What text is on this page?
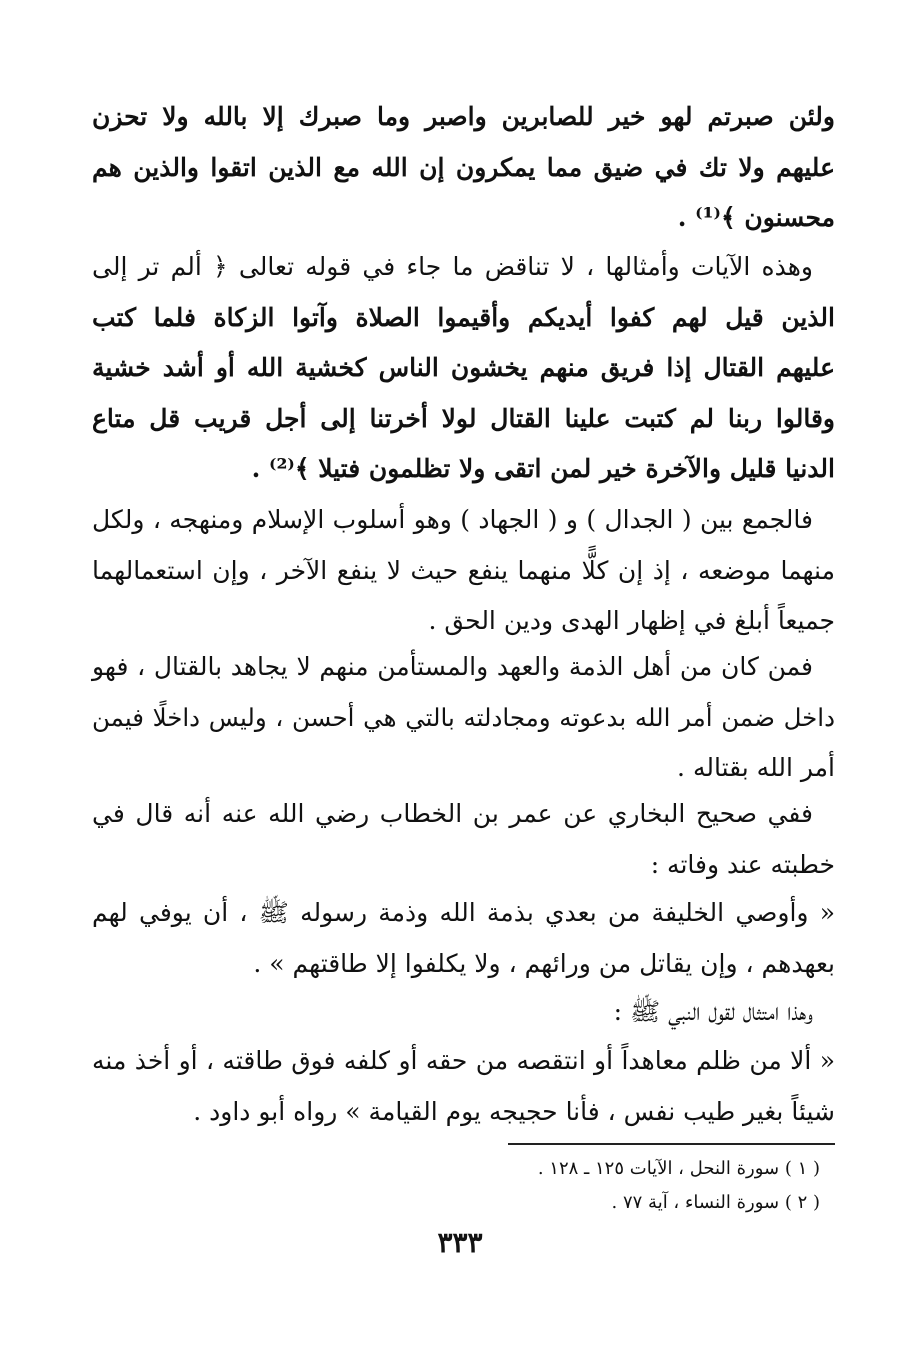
ولئن صبرتم لهو خير للصابرين واصبر وما صبرك إلا بالله ولا تحزن
عليهم ولا تك في ضيق مما يمكرون إن الله مع الذين اتقوا والذين هم
محسنون ﴾⁽¹⁾ .
وهذه الآيات وأمثالها ، لا تناقض ما جاء في قوله تعالى ﴿ ألم تر إلى
الذين قيل لهم كفوا أيديكم وأقيموا الصلاة وآتوا الزكاة فلما كتب
عليهم القتال إذا فريق منهم يخشون الناس كخشية الله أو أشد خشية
وقالوا ربنا لم كتبت علينا القتال لولا أخرتنا إلى أجل قريب قل متاع
الدنيا قليل والآخرة خير لمن اتقى ولا تظلمون فتيلا ﴾⁽²⁾ .
فالجمع بين ( الجدال ) و ( الجهاد ) وهو أسلوب الإسلام ومنهجه ، ولكل
منهما موضعه ، إذ إن كلًّا منهما ينفع حيث لا ينفع الآخر ، وإن استعمالهما
جميعاً أبلغ في إظهار الهدى ودين الحق .
فمن كان من أهل الذمة والعهد والمستأمن منهم لا يجاهد بالقتال ، فهو
داخل ضمن أمر الله بدعوته ومجادلته بالتي هي أحسن ، وليس داخلًا فيمن
أمر الله بقتاله .
ففي صحيح البخاري عن عمر بن الخطاب رضي الله عنه أنه قال في
خطبته عند وفاته :
« وأوصي الخليفة من بعدي بذمة الله وذمة رسوله ﷺ ، أن يوفي لهم
بعهدهم ، وإن يقاتل من ورائهم ، ولا يكلفوا إلا طاقتهم » .
وهذا امتثال لقول النبي ﷺ :
« ألا من ظلم معاهداً أو انتقصه من حقه أو كلفه فوق طاقته ، أو أخذ منه
شيئاً بغير طيب نفس ، فأنا حجيجه يوم القيامة » رواه أبو داود .
( ١ ) سورة النحل ، الآيات ١٢٥ ـ ١٢٨ .
( ٢ ) سورة النساء ، آية ٧٧ .
٣٣٣
